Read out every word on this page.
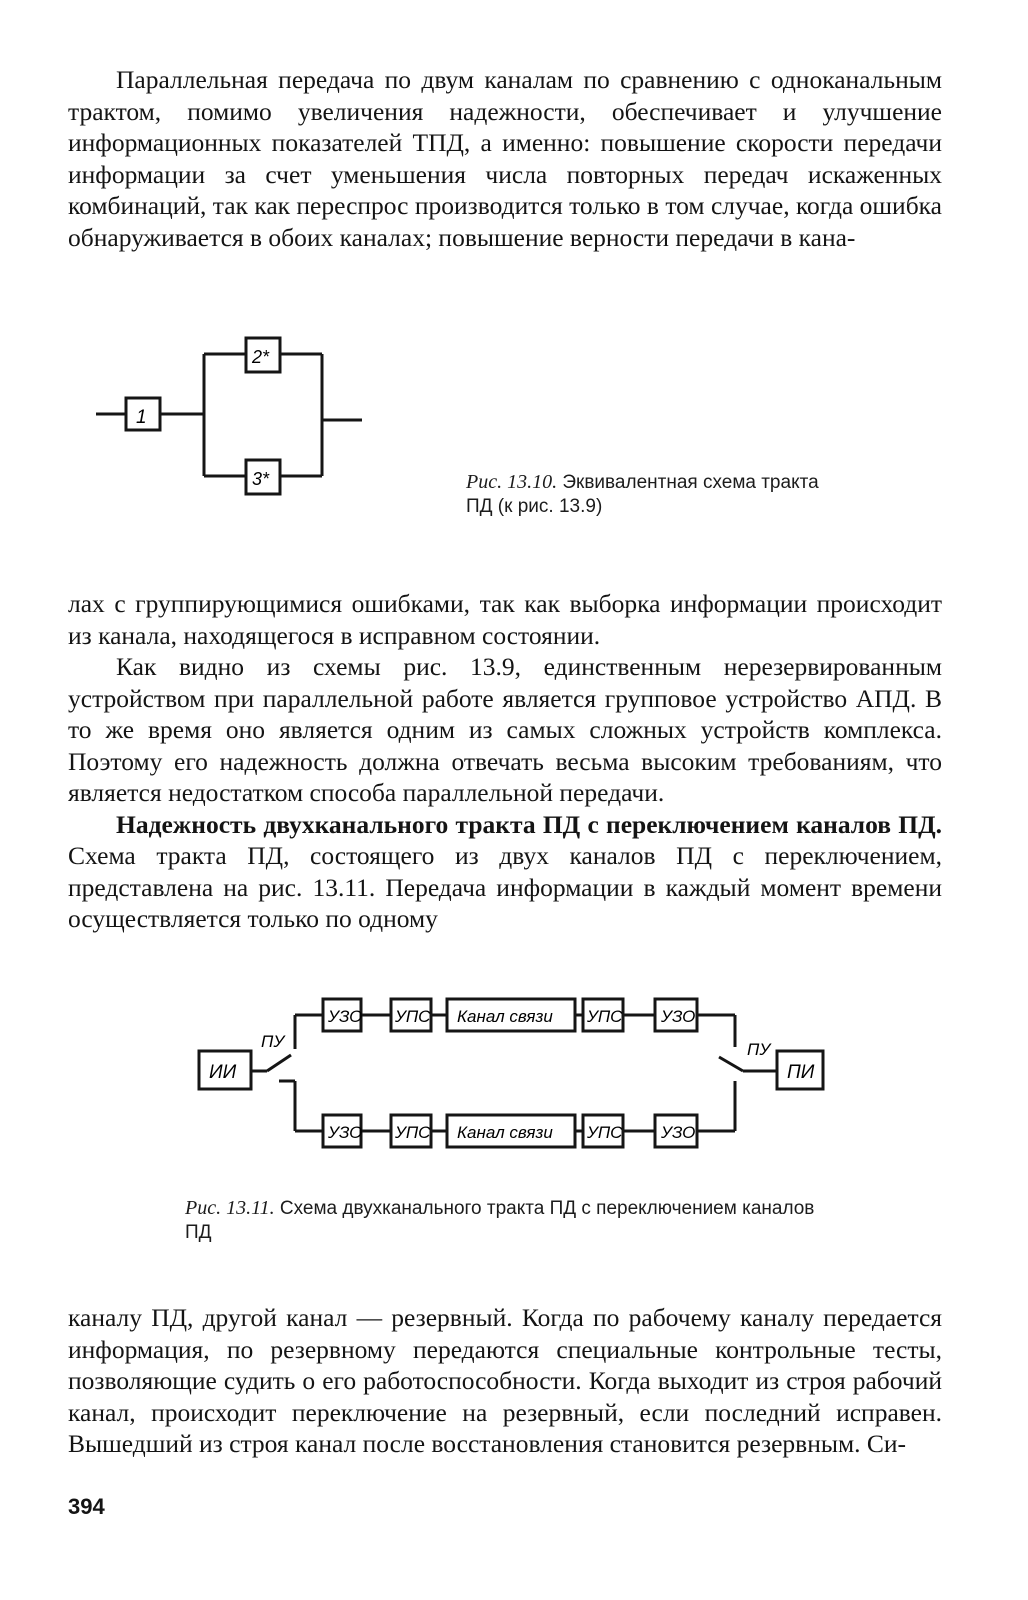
Параллельная передача по двум каналам по сравнению с одноканальным трактом, помимо увеличения надежности, обеспечивает и улучшение информационных показателей ТПД, а именно: повышение скорости передачи информации за счет уменьшения числа повторных передач искаженных комбинаций, так как переспрос производится только в том случае, когда ошибка обнаруживается в обоих каналах; повышение верности передачи в кана-

1
2*
3*	Рис. 13.10. Эквивалентная схема тракта ПД (к рис. 13.9)

лах с группирующимися ошибками, так как выборка информации происходит из канала, находящегося в исправном состоянии.

Как видно из схемы рис. 13.9, единственным нерезервированным устройством при параллельной работе является групповое устройство АПД. В то же время оно является одним из самых сложных устройств комплекса. Поэтому его надежность должна отвечать весьма высоким требованиям, что является недостатком способа параллельной передачи.

Надежность двухканального тракта ПД с переключением каналов ПД. Схема тракта ПД, состоящего из двух каналов ПД с переключением, представлена на рис. 13.11. Передача информации в каждый момент времени осуществляется только по одному

ИИ	ПИ
ПУ	ПУ
УЗО УПС Канал связи УПС УЗО
УЗО УПС Канал связи УПС УЗО
Рис. 13.11. Схема двухканального тракта ПД с переключением каналов ПД

каналу ПД, другой канал — резервный. Когда по рабочему каналу передается информация, по резервному передаются специальные контрольные тесты, позволяющие судить о его работоспособности. Когда выходит из строя рабочий канал, происходит переключение на резервный, если последний исправен. Вышедший из строя канал после восстановления становится резервным. Си-

394
